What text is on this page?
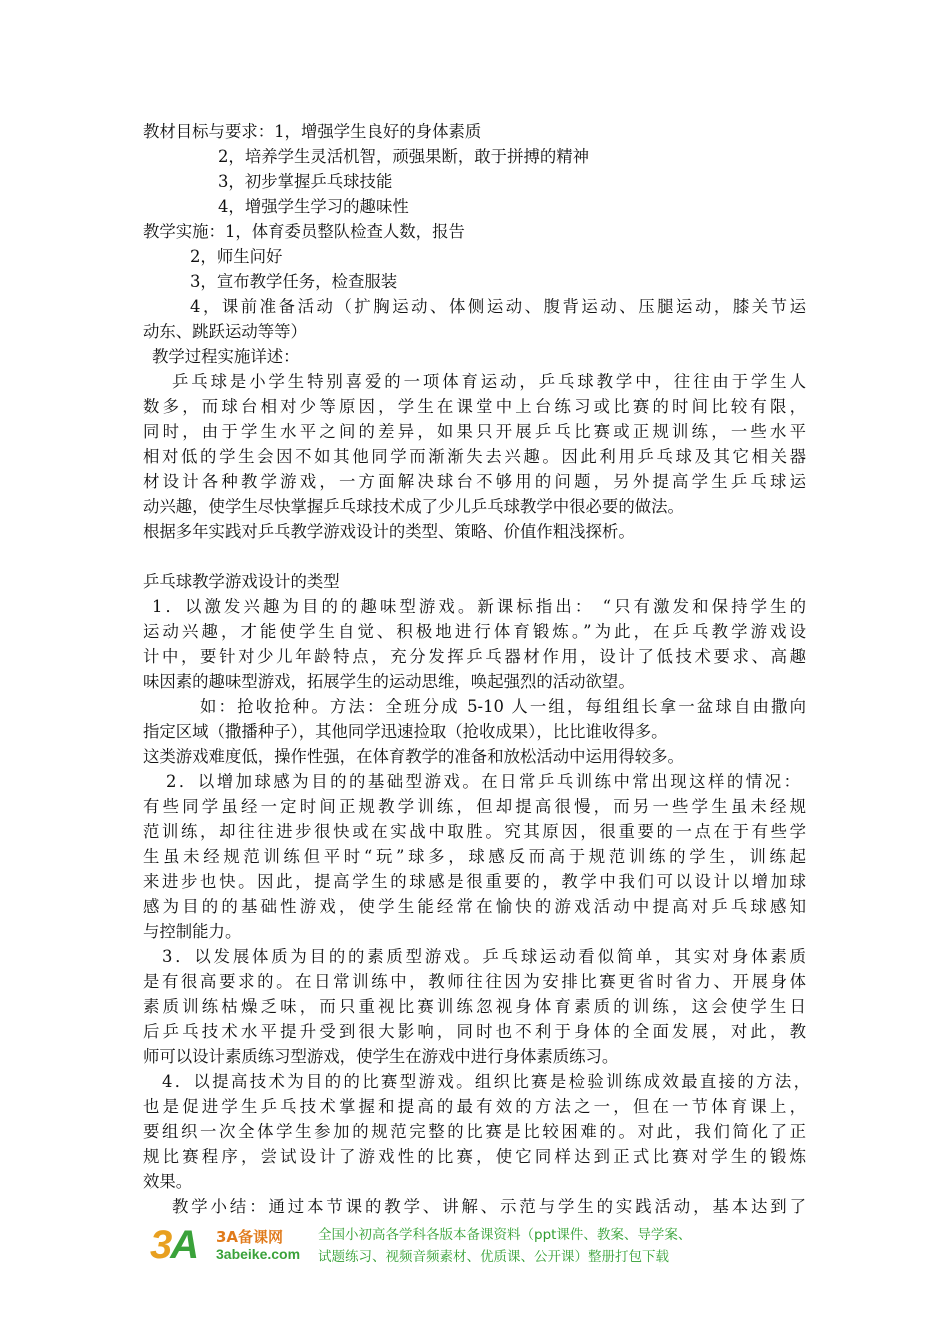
教材目标与要求：1，增强学生良好的身体素质
2，培养学生灵活机智，顽强果断，敢于拼搏的精神
3，初步掌握乒乓球技能
4，增强学生学习的趣味性
教学实施：1，体育委员整队检查人数，报告
2，师生问好
3，宣布教学任务，检查服装
4，课前准备活动（扩胸运动、体侧运动、腹背运动、压腿运动，膝关节运
动东、跳跃运动等等）
教学过程实施详述：
乒乓球是小学生特别喜爱的一项体育运动，乒乓球教学中，往往由于学生人
数多，而球台相对少等原因，学生在课堂中上台练习或比赛的时间比较有限，
同时，由于学生水平之间的差异，如果只开展乒乓比赛或正规训练，一些水平
相对低的学生会因不如其他同学而渐渐失去兴趣。因此利用乒乓球及其它相关器
材设计各种教学游戏，一方面解决球台不够用的问题，另外提高学生乒乓球运
动兴趣，使学生尽快掌握乒乓球技术成了少儿乒乓球教学中很必要的做法。
根据多年实践对乒乓教学游戏设计的类型、策略、价值作粗浅探析。
乒乓球教学游戏设计的类型
1．以激发兴趣为目的的趣味型游戏。新课标指出： “只有激发和保持学生的
运动兴趣，才能使学生自觉、积极地进行体育锻炼。”为此，在乒乓教学游戏设
计中，要针对少儿年龄特点，充分发挥乒乓器材作用，设计了低技术要求、高趣
味因素的趣味型游戏，拓展学生的运动思维，唤起强烈的活动欲望。
如：抢收抢种。方法：全班分成 5-10 人一组，每组组长拿一盆球自由撒向
指定区域（撒播种子），其他同学迅速捡取（抢收成果），比比谁收得多。
这类游戏难度低，操作性强，在体育教学的准备和放松活动中运用得较多。
2．以增加球感为目的的基础型游戏。在日常乒乓训练中常出现这样的情况：
有些同学虽经一定时间正规教学训练，但却提高很慢，而另一些学生虽未经规
范训练，却往往进步很快或在实战中取胜。究其原因，很重要的一点在于有些学
生虽未经规范训练但平时“玩”球多，球感反而高于规范训练的学生，训练起
来进步也快。因此，提高学生的球感是很重要的，教学中我们可以设计以增加球
感为目的的基础性游戏，使学生能经常在愉快的游戏活动中提高对乒乓球感知
与控制能力。
3．以发展体质为目的的素质型游戏。乒乓球运动看似简单，其实对身体素质
是有很高要求的。在日常训练中，教师往往因为安排比赛更省时省力、开展身体
素质训练枯燥乏味，而只重视比赛训练忽视身体育素质的训练，这会使学生日
后乒乓技术水平提升受到很大影响，同时也不利于身体的全面发展，对此，教
师可以设计素质练习型游戏，使学生在游戏中进行身体素质练习。
4．以提高技术为目的的比赛型游戏。组织比赛是检验训练成效最直接的方法，
也是促进学生乒乓技术掌握和提高的最有效的方法之一，但在一节体育课上，
要组织一次全体学生参加的规范完整的比赛是比较困难的。对此，我们简化了正
规比赛程序，尝试设计了游戏性的比赛，使它同样达到正式比赛对学生的锻炼
效果。
教学小结：通过本节课的教学、讲解、示范与学生的实践活动，基本达到了
3A 3A备课网
3abeike.com
全国小初高各学科各版本备课资料（ppt课件、教案、导学案、
试题练习、视频音频素材、优质课、公开课）整册打包下载
